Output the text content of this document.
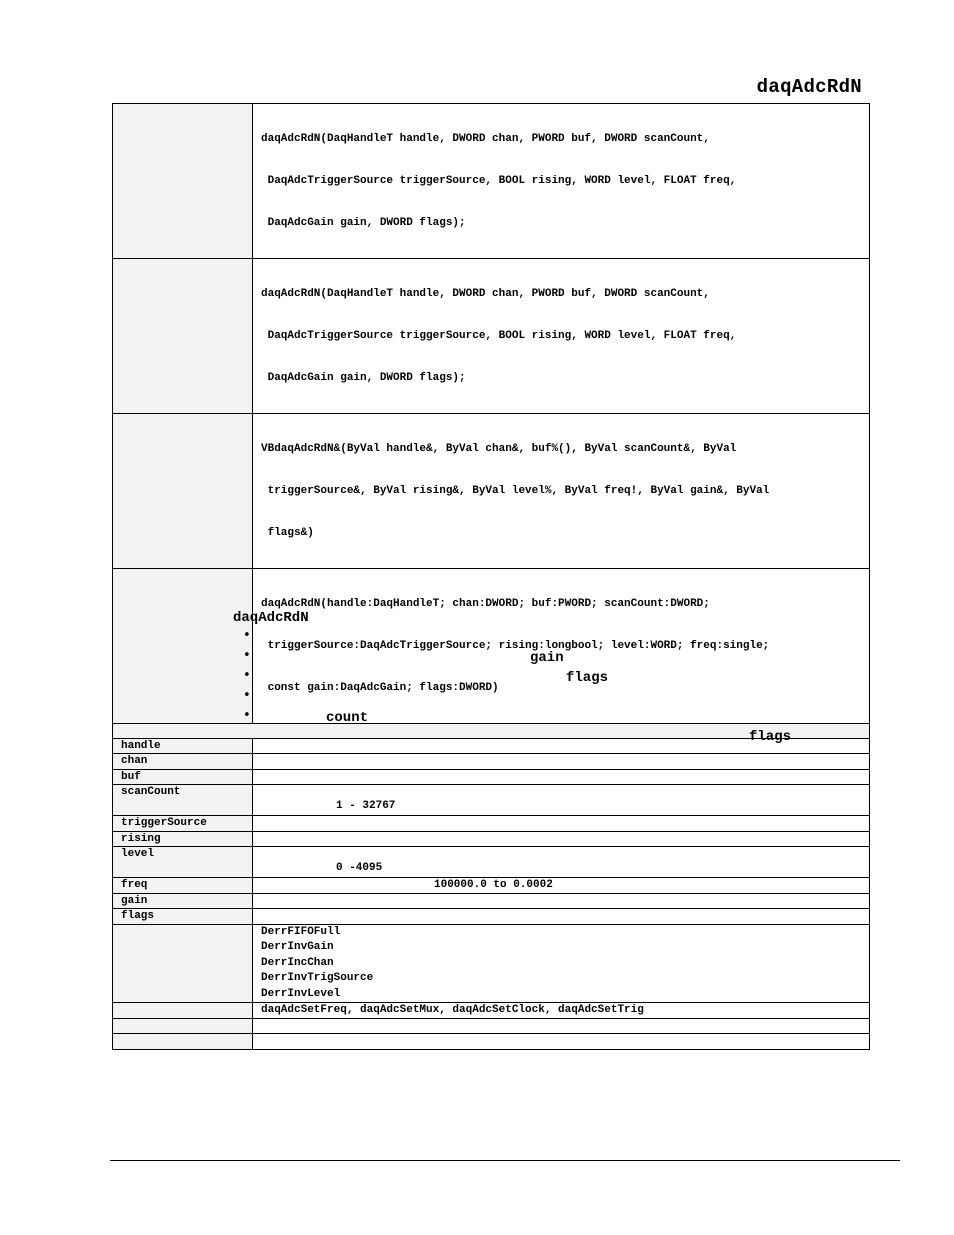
daqAdcRdN

	daqAdcRdN(DaqHandleT handle, DWORD chan, PWORD buf, DWORD scanCount,

DaqAdcTriggerSource triggerSource, BOOL rising, WORD level, FLOAT freq,

DaqAdcGain gain, DWORD flags);

	daqAdcRdN(DaqHandleT handle, DWORD chan, PWORD buf, DWORD scanCount,

DaqAdcTriggerSource triggerSource, BOOL rising, WORD level, FLOAT freq,

DaqAdcGain gain, DWORD flags);

	VBdaqAdcRdN&(ByVal handle&, ByVal chan&, buf%(), ByVal scanCount&, ByVal

triggerSource&, ByVal rising&, ByVal level%, ByVal freq!, ByVal gain&, ByVal

flags&)

	daqAdcRdN(handle:DaqHandleT; chan:DWORD; buf:PWORD; scanCount:DWORD;

triggerSource:DaqAdcTriggerSource; rising:longbool; level:WORD; freq:single;

const gain:DaqAdcGain; flags:DWORD)

handle	
chan	
buf	
scanCount	1 - 32767

triggerSource	
rising	
level	0 -4095

freq	100000.0 to 0.0002

gain	
flags	

	DerrFIFOFull
DerrInvGain
DerrIncChan
DerrInvTrigSource
DerrInvLevel

	daqAdcSetFreq, daqAdcSetMux, daqAdcSetClock, daqAdcSetTrig

daqAdcRdN
•
•
•
•
•
gain
flags
count
flags
